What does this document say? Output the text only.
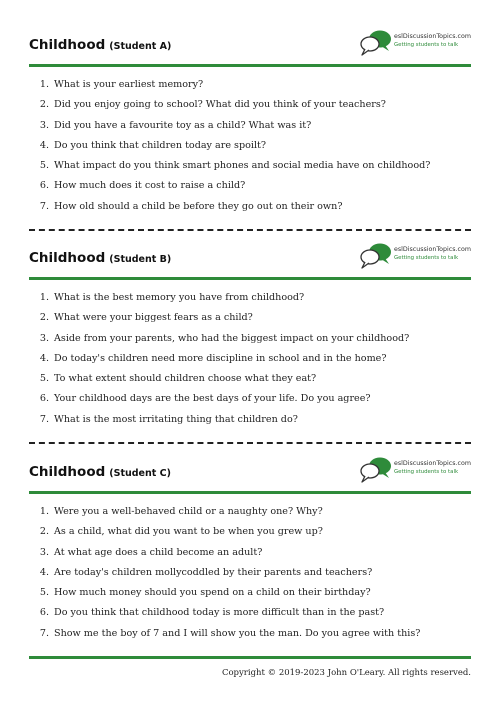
Childhood (Student A)
eslDiscussionTopics.com
Getting students to talk
1. What is your earliest memory?
2. Did you enjoy going to school? What did you think of your teachers?
3. Did you have a favourite toy as a child? What was it?
4. Do you think that children today are spoilt?
5. What impact do you think smart phones and social media have on childhood?
6. How much does it cost to raise a child?
7. How old should a child be before they go out on their own?
Childhood (Student B)
eslDiscussionTopics.com
Getting students to talk
1. What is the best memory you have from childhood?
2. What were your biggest fears as a child?
3. Aside from your parents, who had the biggest impact on your childhood?
4. Do today's children need more discipline in school and in the home?
5. To what extent should children choose what they eat?
6. Your childhood days are the best days of your life. Do you agree?
7. What is the most irritating thing that children do?
Childhood (Student C)
eslDiscussionTopics.com
Getting students to talk
1. Were you a well-behaved child or a naughty one? Why?
2. As a child, what did you want to be when you grew up?
3. At what age does a child become an adult?
4. Are today's children mollycoddled by their parents and teachers?
5. How much money should you spend on a child on their birthday?
6. Do you think that childhood today is more difficult than in the past?
7. Show me the boy of 7 and I will show you the man. Do you agree with this?
Copyright © 2019-2023 John O'Leary. All rights reserved.
